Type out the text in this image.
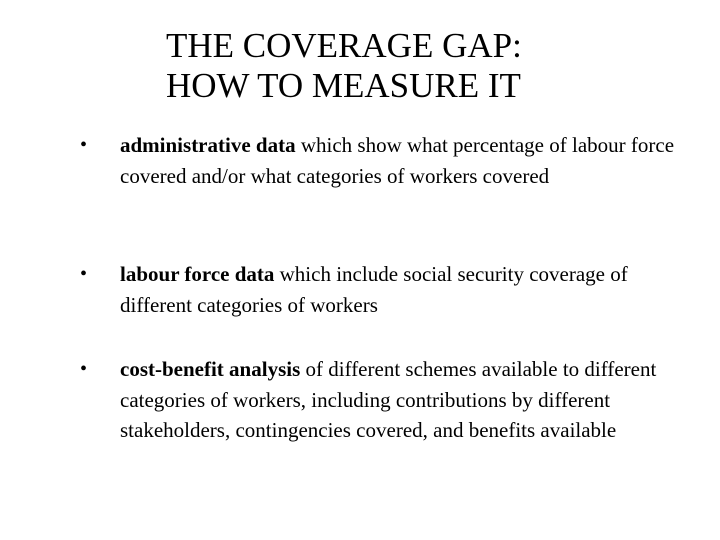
THE COVERAGE GAP:
HOW TO MEASURE IT
• administrative data which show what percentage of labour force covered and/or what categories of workers covered
• labour force data which include social security coverage of different categories of workers
• cost-benefit analysis of different schemes available to different categories of workers, including contributions by different stakeholders, contingencies covered, and benefits available
